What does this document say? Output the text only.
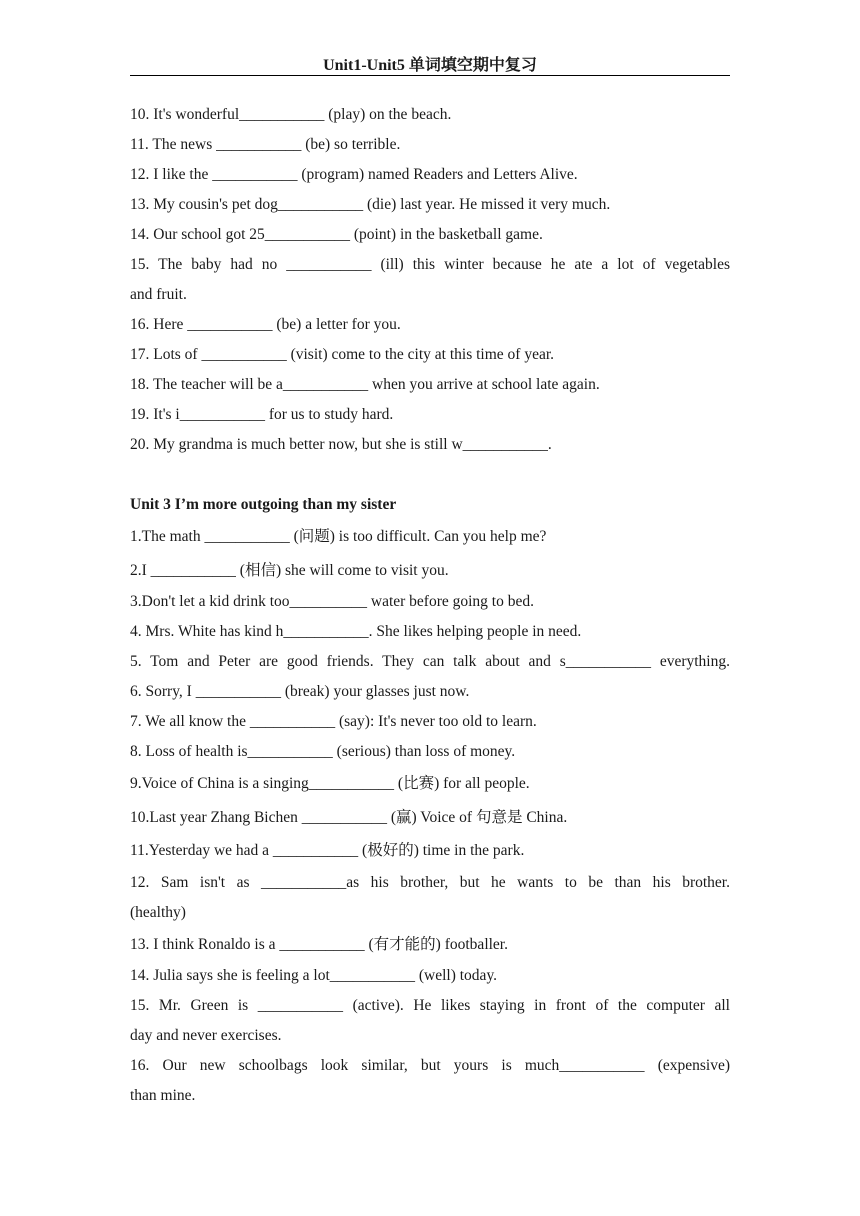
Unit1-Unit5 单词填空期中复习
10. It's wonderful___________ (play) on the beach.
11. The news ___________ (be) so terrible.
12. I like the ___________ (program) named Readers and Letters Alive.
13. My cousin's pet dog___________ (die) last year. He missed it very much.
14. Our school got 25___________ (point) in the basketball game.
15. The baby had no ___________ (ill) this winter because he ate a lot of vegetables
and fruit.
16. Here ___________ (be) a letter for you.
17. Lots of ___________ (visit) come to the city at this time of year.
18. The teacher will be a___________ when you arrive at school late again.
19. It's i___________ for us to study hard.
20. My grandma is much better now, but she is still w___________.
Unit 3 I’m more outgoing than my sister
1.The math ___________ (问题) is too difficult. Can you help me?
2.I ___________ (相信) she will come to visit you.
3.Don't let a kid drink too__________ water before going to bed.
4. Mrs. White has kind h___________. She likes helping people in need.
5. Tom and Peter are good friends. They can talk about and s___________ everything.
6. Sorry, I ___________ (break) your glasses just now.
7. We all know the ___________ (say): It's never too old to learn.
8. Loss of health is___________ (serious) than loss of money.
9.Voice of China is a singing___________ (比赛) for all people.
10.Last year Zhang Bichen ___________ (赢) Voice of 句意是 China.
11.Yesterday we had a ___________ (极好的) time in the park.
12. Sam isn't as ___________as his brother, but he wants to be than his brother.
(healthy)
13. I think Ronaldo is a ___________ (有才能的) footballer.
14. Julia says she is feeling a lot___________ (well) today.
15. Mr. Green is ___________ (active). He likes staying in front of the computer all
day and never exercises.
16. Our new schoolbags look similar, but yours is much___________ (expensive)
than mine.
